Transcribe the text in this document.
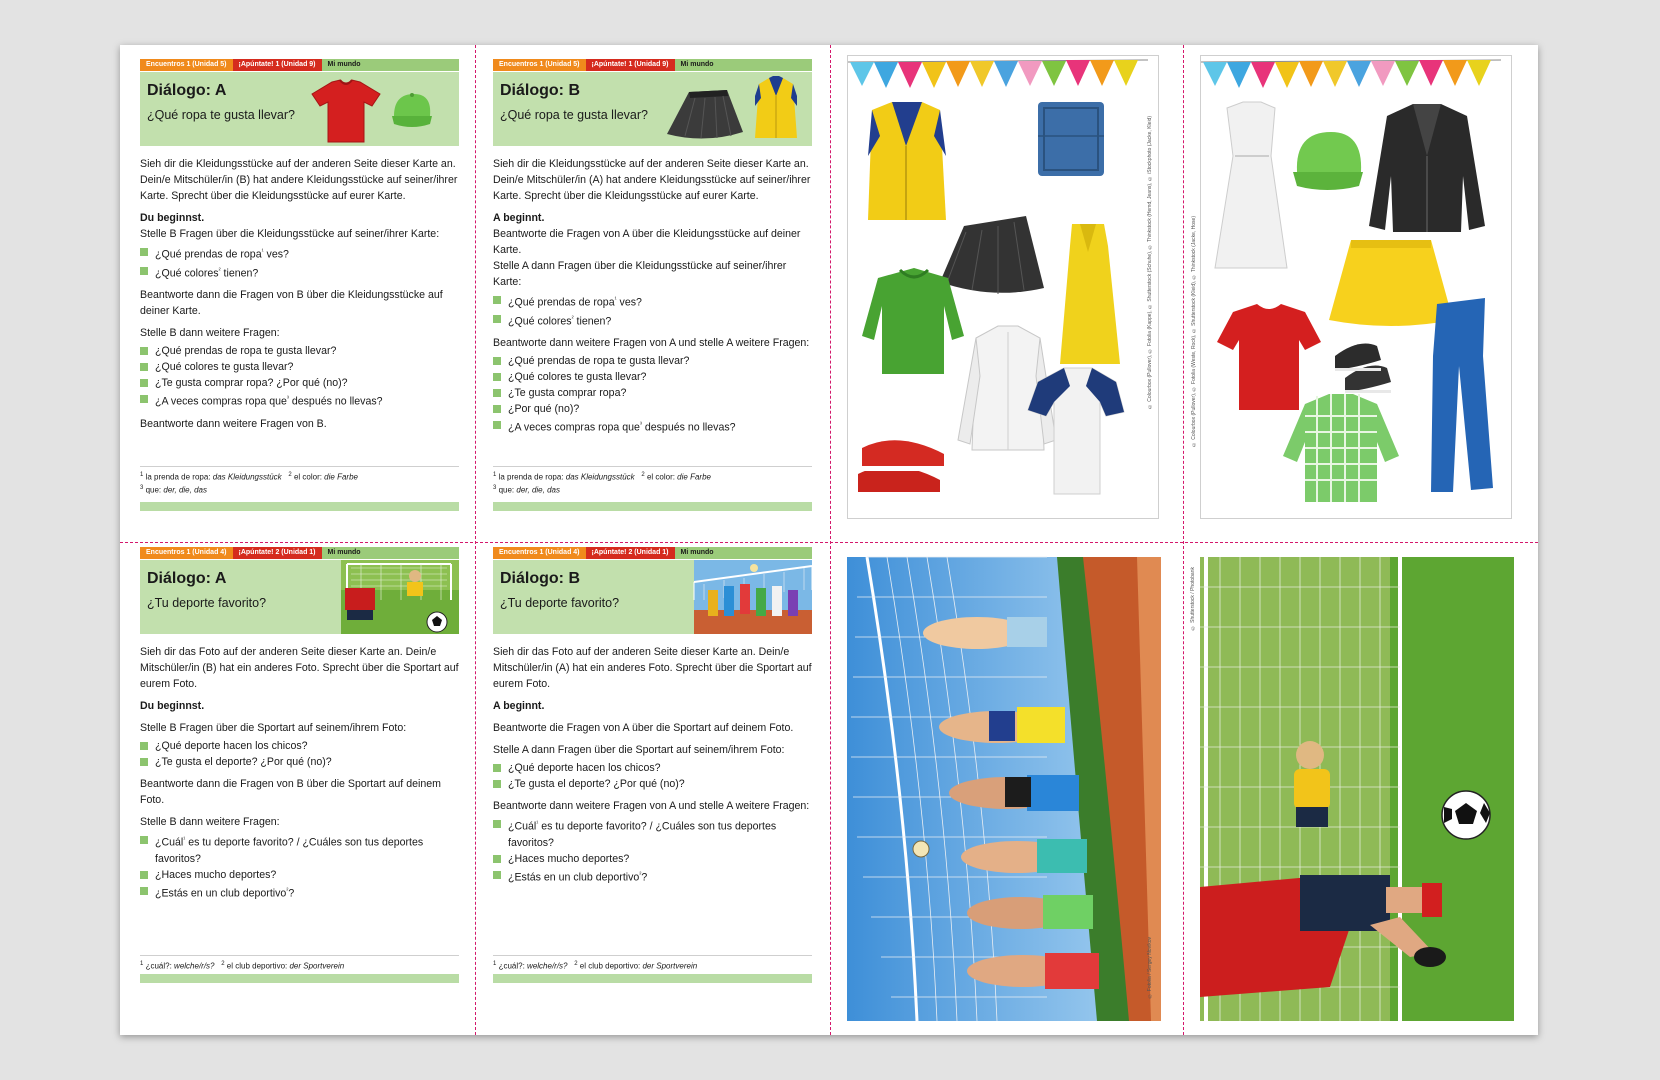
Encuentros 1 (Unidad 5)	¡Apúntate! 1 (Unidad 9)	Mi mundo
Diálogo: A
¿Qué ropa te gusta llevar?

Sieh dir die Kleidungsstücke auf der anderen Seite dieser Karte an. Dein/e Mitschüler/in (B) hat andere Kleidungsstücke auf seiner/ihrer Karte. Sprecht über die Kleidungsstücke auf eurer Karte.

Du beginnst.

Stelle B Fragen über die Kleidungsstücke auf seiner/ihrer Karte:

¿Qué prendas de ropa$^{^1}$ ves?
¿Qué colores$^{^2}$ tienen?

Beantworte dann die Fragen von B über die Kleidungsstücke auf deiner Karte.

Stelle B dann weitere Fragen:

¿Qué prendas de ropa te gusta llevar?
¿Qué colores te gusta llevar?
¿Te gusta comprar ropa? ¿Por qué (no)?
¿A veces compras ropa que$^{^3}$ después no llevas?

Beantworte dann weitere Fragen von B.

$^1$ la prenda de ropa: das Kleidungsstück $^2$ el color: die Farbe
$^3$ que: der, die, das
Encuentros 1 (Unidad 5)	¡Apúntate! 1 (Unidad 9)	Mi mundo
Diálogo: B
¿Qué ropa te gusta llevar?

Sieh dir die Kleidungsstücke auf der anderen Seite dieser Karte an. Dein/e Mitschüler/in (A) hat andere Kleidungsstücke auf seiner/ihrer Karte. Sprecht über die Kleidungsstücke auf eurer Karte.

A beginnt.

Beantworte die Fragen von A über die Kleidungsstücke auf deiner Karte.

Stelle A dann Fragen über die Kleidungsstücke auf seiner/ihrer Karte:

¿Qué prendas de ropa$^{^1}$ ves?
¿Qué colores$^{^2}$ tienen?

Beantworte dann weitere Fragen von A und stelle A weitere Fragen:

¿Qué prendas de ropa te gusta llevar?
¿Qué colores te gusta llevar?
¿Te gusta comprar ropa?
¿Por qué (no)?
¿A veces compras ropa que$^{^3}$ después no llevas?
$^1$ la prenda de ropa: das Kleidungsstück $^2$ el color: die Farbe
$^3$ que: der, die, das
© Colourbox (Pullover), © Fotolia (Kappe), © Shutterstock (Schuhe), © Thinkstock (Hemd, Jeans), © iStockphoto (Jacke, Kleid)	© Colourbox (Pullover), © Fotolia (Weste, Rock), © Shutterstock (Kleid), © Thinkstock (Jacke, Hose)
Encuentros 1 (Unidad 4)	¡Apúntate! 2 (Unidad 1)	Mi mundo
Diálogo: A
¿Tu deporte favorito?

Sieh dir das Foto auf der anderen Seite dieser Karte an. Dein/e Mitschüler/in (B) hat ein anderes Foto. Sprecht über die Sportart auf eurem Foto.

Du beginnst.

Stelle B Fragen über die Sportart auf seinem/ihrem Foto:

¿Qué deporte hacen los chicos?
¿Te gusta el deporte? ¿Por qué (no)?

Beantworte dann die Fragen von B über die Sportart auf deinem Foto.

Stelle B dann weitere Fragen:

¿Cuál$^{^1}$ es tu deporte favorito? / ¿Cuáles son tus deportes favoritos?
¿Haces mucho deportes?
¿Estás en un club deportivo$^{^2}$?
$^1$ ¿cuál?: welche/r/s? $^2$ el club deportivo: der Sportverein
Encuentros 1 (Unidad 4)	¡Apúntate! 2 (Unidad 1)	Mi mundo
Diálogo: B
¿Tu deporte favorito?

Sieh dir das Foto auf der anderen Seite dieser Karte an. Dein/e Mitschüler/in (A) hat ein anderes Foto. Sprecht über die Sportart auf eurem Foto.

A beginnt.

Beantworte die Fragen von A über die Sportart auf deinem Foto.

Stelle A dann Fragen über die Sportart auf seinem/ihrem Foto:

¿Qué deporte hacen los chicos?
¿Te gusta el deporte? ¿Por qué (no)?

Beantworte dann weitere Fragen von A und stelle A weitere Fragen:

¿Cuál$^{^1}$ es tu deporte favorito? / ¿Cuáles son tus deportes favoritos?
¿Haces mucho deportes?
¿Estás en un club deportivo$^{^2}$?
$^1$ ¿cuál?: welche/r/s? $^2$ el club deportivo: der Sportverein	© Fotolia / Sergey Novikov
© Shutterstock / Photobank
